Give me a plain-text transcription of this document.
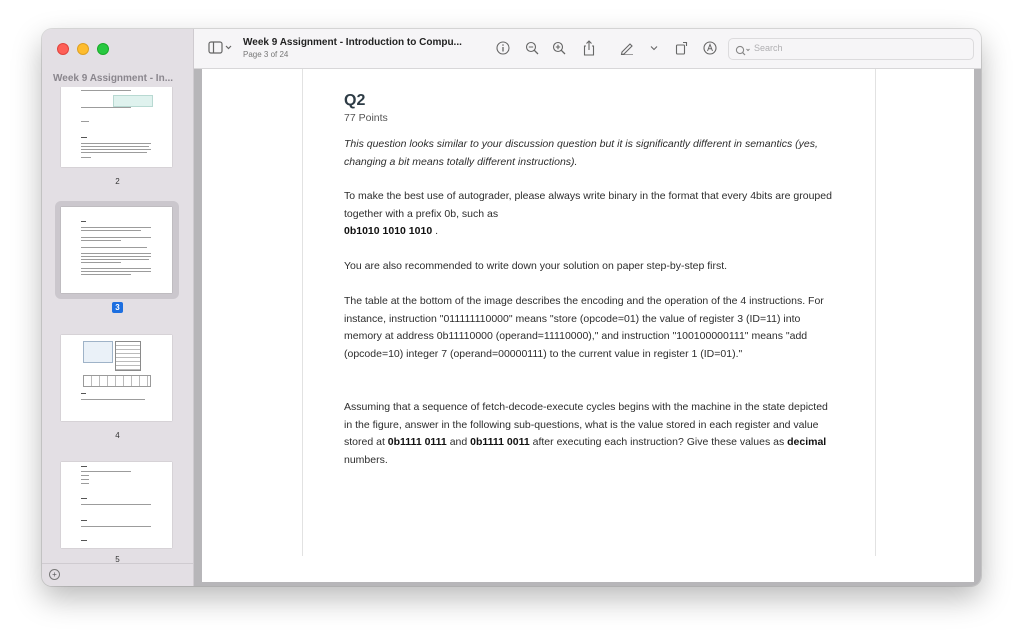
Week 9 Assignment - In...
2
3
4
5
+
Week 9 Assignment - Introduction to Compu...
Page 3 of 24
Search
Q2
77 Points
This question looks similar to your discussion question but it is significantly different in semantics (yes, changing a bit means totally different instructions).
To make the best use of autograder, please always write binary in the format that every 4bits are grouped together with a prefix 0b, such as
0b1010 1010 1010 .
You are also recommended to write down your solution on paper step-by-step first.
The table at the bottom of the image describes the encoding and the operation of the 4 instructions. For instance, instruction "011111110000" means "store (opcode=01) the value of register 3 (ID=11) into memory at address 0b11110000 (operand=11110000)," and instruction "100100000111" means "add (opcode=10) integer 7 (operand=00000111) to the current value in register 1 (ID=01)."
Assuming that a sequence of fetch-decode-execute cycles begins with the machine in the state depicted in the figure, answer in the following sub-questions, what is the value stored in each register and value stored at 0b1111 0111 and 0b1111 0011 after executing each instruction? Give these values as decimal numbers.
